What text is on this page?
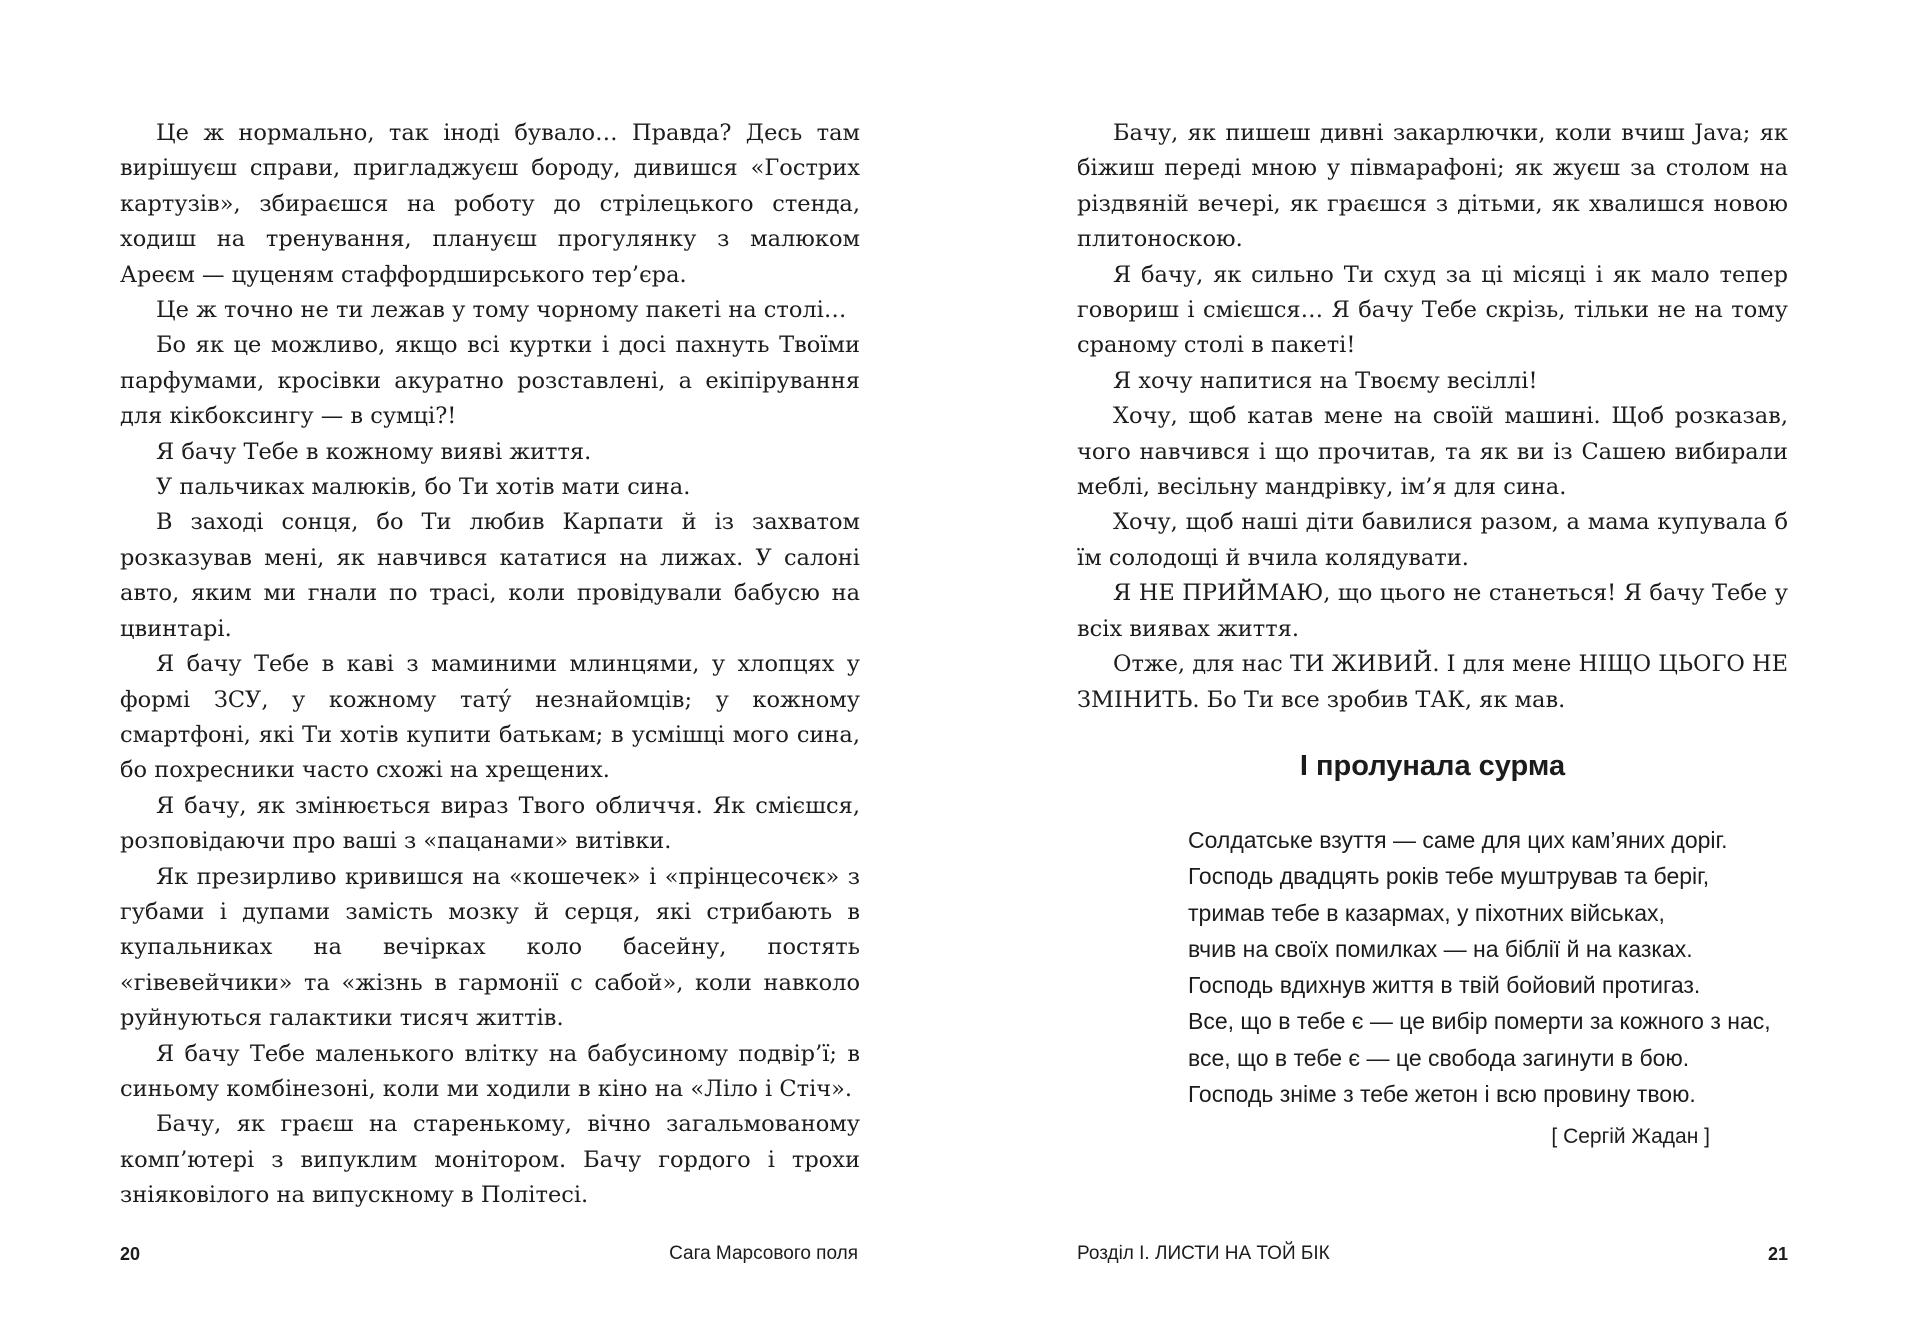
Це ж нормально, так іноді бувало… Правда? Десь там вирішуєш справи, пригладжуєш бороду, дивишся «Гострих картузів», збираєшся на роботу до стрілецького стенда, ходиш на тренування, плануєш прогулянку з малюком Ареєм — цуценям стаффордширського тер’єра.

Це ж точно не ти лежав у тому чорному пакеті на столі…

Бо як це можливо, якщо всі куртки і досі пахнуть Твоїми парфумами, кросівки акуратно розставлені, а екіпірування для кікбоксингу — в сумці?!

Я бачу Тебе в кожному вияві життя.

У пальчиках малюків, бо Ти хотів мати сина.

В заході сонця, бо Ти любив Карпати й із захватом розказував мені, як навчився кататися на лижах. У салоні авто, яким ми гнали по трасі, коли провідували бабусю на цвинтарі.

Я бачу Тебе в каві з маминими млинцями, у хлопцях у формі ЗСУ, у кожному тату́ незнайомців; у кожному смартфоні, які Ти хотів купити батькам; в усмішці мого сина, бо похресники часто схожі на хрещених.

Я бачу, як змінюється вираз Твого обличчя. Як смієшся, розповідаючи про ваші з «пацанами» витівки.

Як презирливо кривишся на «кошечек» і «прінцесочєк» з губами і дупами замість мозку й серця, які стрибають в купальниках на вечірках коло басейну, постять «гівевейчики» та «жізнь в гармонії с сабой», коли навколо руйнуються галактики тисяч життів.

Я бачу Тебе маленького влітку на бабусиному подвір’ї; в синьому комбінезоні, коли ми ходили в кіно на «Ліло і Стіч».

Бачу, як граєш на старенькому, вічно загальмованому комп’ютері з випуклим монітором. Бачу гордого і трохи зніяковілого на випускному в Політесі.

20	Сага Марсового поля

Бачу, як пишеш дивні закарлючки, коли вчиш Java; як біжиш переді мною у півмарафоні; як жуєш за столом на різдвяній вечері, як граєшся з дітьми, як хвалишся новою плитоноскою.

Я бачу, як сильно Ти схуд за ці місяці і як мало тепер говориш і смієшся… Я бачу Тебе скрізь, тільки не на тому сраному столі в пакеті!

Я хочу напитися на Твоєму весіллі!

Хочу, щоб катав мене на своїй машині. Щоб розказав, чого навчився і що прочитав, та як ви із Сашею вибирали меблі, весільну мандрівку, ім’я для сина.

Хочу, щоб наші діти бавилися разом, а мама купувала б їм солодощі й вчила колядувати.

Я НЕ ПРИЙМАЮ, що цього не станеться! Я бачу Тебе у всіх виявах життя.

Отже, для нас ТИ ЖИВИЙ. І для мене НІЩО ЦЬОГО НЕ ЗМІНИТЬ. Бо Ти все зробив ТАК, як мав.

І пролунала сурма
Солдатське взуття — саме для цих кам’яних доріг.
Господь двадцять років тебе муштрував та беріг,
тримав тебе в казармах, у піхотних військах,
вчив на своїх помилках — на біблії й на казках.
Господь вдихнув життя в твій бойовий протигаз.
Все, що в тебе є — це вибір померти за кожного з нас,
все, що в тебе є — це свобода загинути в бою.
Господь зніме з тебе жетон і всю провину твою.
[ Сергій Жадан ]
Розділ І. ЛИСТИ НА ТОЙ БІК	21
